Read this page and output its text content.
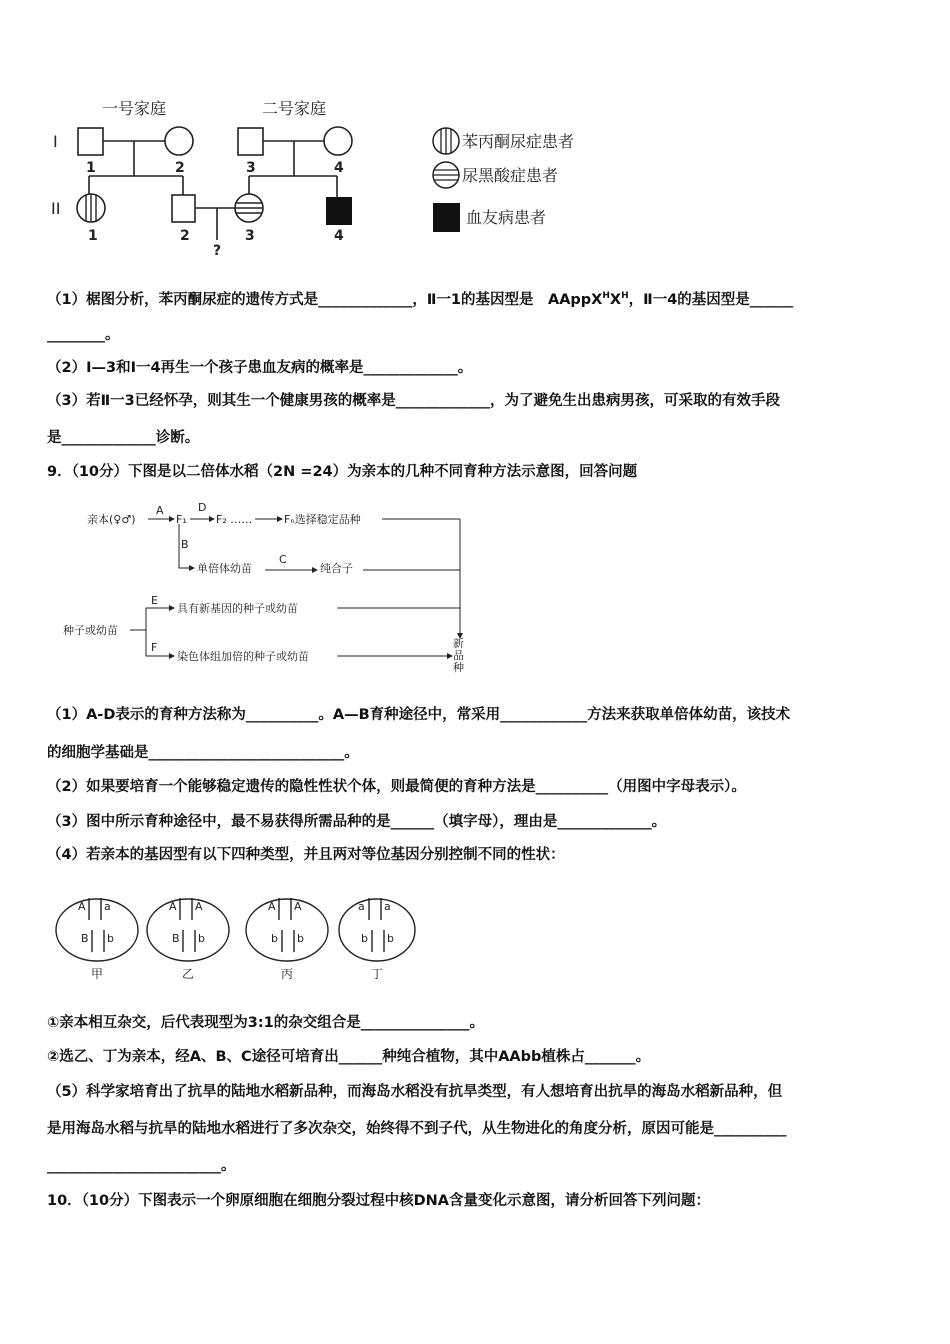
一号家庭	二号家庭
I
II
1	2	3	4
1	2	3	4
?
苯丙酮尿症患者
尿黑酸症患者
血友病患者
（1）椐图分析，苯丙酮尿症的遗传方式是_____________，Ⅱ一1的基因型是　$AAppX^HX^H$，Ⅱ一4的基因型是______
________。
（2）Ⅰ—3和Ⅰ一4再生一个孩子患血友病的概率是_____________。
（3）若Ⅱ一3已经怀孕，则其生一个健康男孩的概率是_____________，为了避免生出患病男孩，可采取的有效手段
是_____________诊断。
9．（10分）下图是以二倍体水稻（2N =24）为亲本的几种不同育种方法示意图，回答问题
亲本(♀♂)
A
F₁
D
F₂ ……	Fₙ选择稳定品种
B
单倍体幼苗
C
纯合子
种子或幼苗
E
具有新基因的种子或幼苗
F
染色体组加倍的种子或幼苗
新
品
种
（1）A-D表示的育种方法称为__________。A—B育种途径中，常采用____________方法来获取单倍体幼苗，该技术
的细胞学基础是___________________________。
（2）如果要培育一个能够稳定遗传的隐性性状个体，则最简便的育种方法是__________（用图中字母表示）。
（3）图中所示育种途径中，最不易获得所需品种的是______（填字母），理由是_____________。
（4）若亲本的基因型有以下四种类型，并且两对等位基因分别控制不同的性状：
A a
B b
甲
A A
B b
乙
A A
b b
丙
a a
b b
丁
①亲本相互杂交，后代表现型为3:1的杂交组合是_______________。
②选乙、丁为亲本，经A、B、C途径可培育出______种纯合植物，其中AAbb植株占_______。
（5）科学家培育出了抗旱的陆地水稻新品种，而海岛水稻没有抗旱类型，有人想培育出抗旱的海岛水稻新品种，但
是用海岛水稻与抗旱的陆地水稻进行了多次杂交，始终得不到子代，从生物进化的角度分析，原因可能是__________
________________________。
10．（10分）下图表示一个卵原细胞在细胞分裂过程中核DNA含量变化示意图，请分析回答下列问题：
